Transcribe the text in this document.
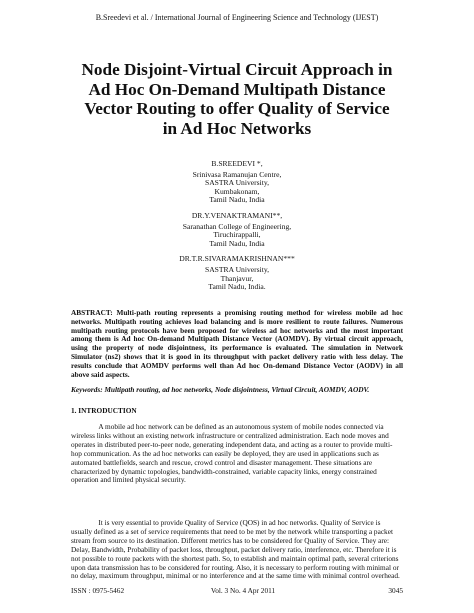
B.Sreedevi et al. / International Journal of Engineering Science and Technology (IJEST)
Node Disjoint-Virtual Circuit Approach in
Ad Hoc On-Demand Multipath Distance
Vector Routing to offer Quality of Service
in Ad Hoc Networks
B.SREEDEVI *,
Srinivasa Ramanujan Centre,
SASTRA University,
Kumbakonam,
Tamil Nadu, India
DR.Y.VENAKTRAMANI**,
Saranathan College of Engineering,
Tiruchirappalli,
Tamil Nadu, India
DR.T.R.SIVARAMAKRISHNAN***
SASTRA University,
Thanjavur,
Tamil Nadu, India.
ABSTRACT: Multi-path routing represents a promising routing method for wireless mobile ad hoc networks. Multipath routing achieves load balancing and is more resilient to route failures. Numerous multipath routing protocols have been proposed for wireless ad hoc networks and the most important among them is Ad hoc On-demand Multipath Distance Vector (AOMDV). By virtual circuit approach, using the property of node disjointness, its performance is evaluated. The simulation in Network Simulator (ns2) shows that it is good in its throughput with packet delivery ratio with less delay. The results conclude that AOMDV performs well than Ad hoc On-demand Distance Vector (AODV) in all above said aspects.
Keywords: Multipath routing, ad hoc networks, Node disjointness, Virtual Circuit, AOMDV, AODV.
1. INTRODUCTION
A mobile ad hoc network can be defined as an autonomous system of mobile nodes connected via
wireless links without an existing network infrastructure or centralized administration. Each node moves and
operates in distributed peer-to-peer node, generating independent data, and acting as a router to provide multi-
hop communication. As the ad hoc networks can easily be deployed, they are used in applications such as
automated battlefields, search and rescue, crowd control and disaster management. These situations are
characterized by dynamic topologies, bandwidth-constrained, variable capacity links, energy constrained
operation and limited physical security.
It is very essential to provide Quality of Service (QOS) in ad hoc networks. Quality of Service is
usually defined as a set of service requirements that need to be met by the network while transporting a packet
stream from source to its destination. Different metrics has to be considered for Quality of Service. They are:
Delay, Bandwidth, Probability of packet loss, throughput, packet delivery ratio, interference, etc. Therefore it is
not possible to route packets with the shortest path. So, to establish and maintain optimal path, several criterions
upon data transmission has to be considered for routing. Also, it is necessary to perform routing with minimal or
no delay, maximum throughput, minimal or no interference and at the same time with minimal control overhead.
ISSN : 0975-5462	Vol. 3 No. 4 Apr 2011	3045
